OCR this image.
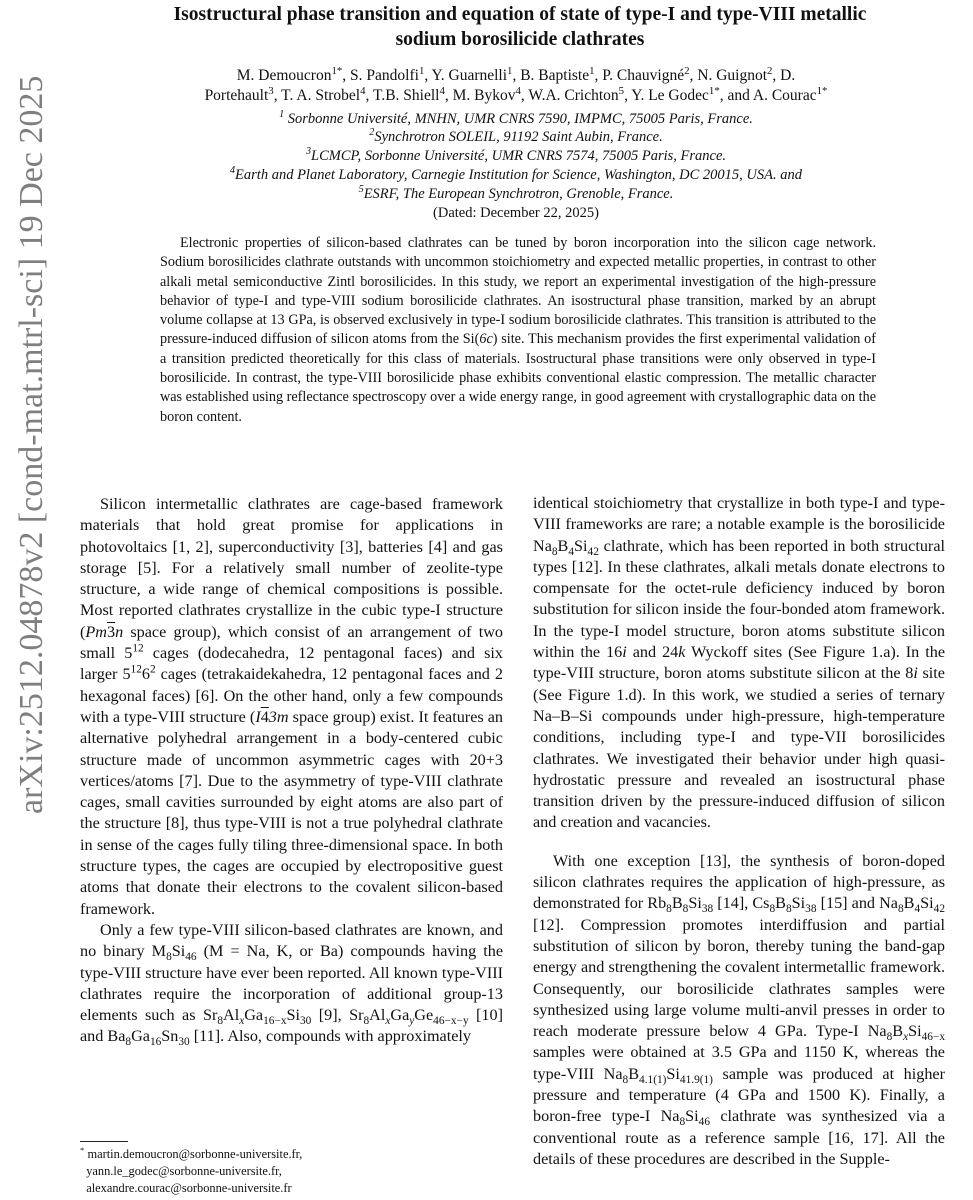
arXiv:2512.04878v2 [cond-mat.mtrl-sci] 19 Dec 2025
Isostructural phase transition and equation of state of type-I and type-VIII metallic
sodium borosilicide clathrates
M. Demoucron$^{1*}$, S. Pandolfi$^1$, Y. Guarnelli$^1$, B. Baptiste$^1$, P. Chauvigné$^2$, N. Guignot$^2$, D.
Portehault$^3$, T. A. Strobel$^4$, T.B. Shiell$^4$, M. Bykov$^4$, W.A. Crichton$^5$, Y. Le Godec$^{1*}$, and A. Courac$^{1*}$
$^1$ Sorbonne Université, MNHN, UMR CNRS 7590, IMPMC, 75005 Paris, France.
$^2$Synchrotron SOLEIL, 91192 Saint Aubin, France.
$^3$LCMCP, Sorbonne Université, UMR CNRS 7574, 75005 Paris, France.
$^4$Earth and Planet Laboratory, Carnegie Institution for Science, Washington, DC 20015, USA. and
$^5$ESRF, The European Synchrotron, Grenoble, France.
(Dated: December 22, 2025)
Electronic properties of silicon-based clathrates can be tuned by boron incorporation into the silicon cage network. Sodium borosilicides clathrate outstands with uncommon stoichiometry and expected metallic properties, in contrast to other alkali metal semiconductive Zintl borosilicides. In this study, we report an experimental investigation of the high-pressure behavior of type-I and type-VIII sodium borosilicide clathrates. An isostructural phase transition, marked by an abrupt volume collapse at 13 GPa, is observed exclusively in type-I sodium borosilicide clathrates. This transition is attributed to the pressure-induced diffusion of silicon atoms from the Si(6c) site. This mechanism provides the first experimental validation of a transition predicted theoretically for this class of materials. Isostructural phase transitions were only observed in type-I borosilicide. In contrast, the type-VIII borosilicide phase exhibits conventional elastic compression. The metallic character was established using reflectance spectroscopy over a wide energy range, in good agreement with crystallographic data on the boron content.

Silicon intermetallic clathrates are cage-based framework materials that hold great promise for applications in photovoltaics [1, 2], superconductivity [3], batteries [4] and gas storage [5]. For a relatively small number of zeolite-type structure, a wide range of chemical compositions is possible. Most reported clathrates crystallize in the cubic type-I structure (Pm3n space group), which consist of an arrangement of two small $5^{12}$ cages (dodecahedra, 12 pentagonal faces) and six larger $5^{12}6^2$ cages (tetrakaidekahedra, 12 pentagonal faces and 2 hexagonal faces) [6]. On the other hand, only a few compounds with a type-VIII structure (I43m space group) exist. It features an alternative polyhedral arrangement in a body-centered cubic structure made of uncommon asymmetric cages with 20+3 vertices/atoms [7]. Due to the asymmetry of type-VIII clathrate cages, small cavities surrounded by eight atoms are also part of the structure [8], thus type-VIII is not a true polyhedral clathrate in sense of the cages fully tiling three-dimensional space. In both structure types, the cages are occupied by electropositive guest atoms that donate their electrons to the covalent silicon-based framework.

Only a few type-VIII silicon-based clathrates are known, and no binary $M_8Si_{46}$ (M = Na, K, or Ba) compounds having the type-VIII structure have ever been reported. All known type-VIII clathrates require the incorporation of additional group-13 elements such as $Sr_8Al_xGa_{16-x}Si_{30}$ [9], $Sr_8Al_xGa_yGe_{46-x-y}$ [10] and $Ba_8Ga_{16}Sn_{30}$ [11]. Also, compounds with approximately

* martin.demoucron@sorbonne-universite.fr,
yann.le_godec@sorbonne-universite.fr,
alexandre.courac@sorbonne-universite.fr

identical stoichiometry that crystallize in both type-I and type-VIII frameworks are rare; a notable example is the borosilicide $Na_8B_4Si_{42}$ clathrate, which has been reported in both structural types [12]. In these clathrates, alkali metals donate electrons to compensate for the octet-rule deficiency induced by boron substitution for silicon inside the four-bonded atom framework. In the type-I model structure, boron atoms substitute silicon within the 16i and 24k Wyckoff sites (See Figure 1.a). In the type-VIII structure, boron atoms substitute silicon at the 8i site (See Figure 1.d). In this work, we studied a series of ternary Na–B–Si compounds under high-pressure, high-temperature conditions, including type-I and type-VII borosilicides clathrates. We investigated their behavior under high quasi-hydrostatic pressure and revealed an isostructural phase transition driven by the pressure-induced diffusion of silicon and creation and vacancies.

With one exception [13], the synthesis of boron-doped silicon clathrates requires the application of high-pressure, as demonstrated for $Rb_8B_8Si_{38}$ [14], $Cs_8B_8Si_{38}$ [15] and $Na_8B_4Si_{42}$ [12]. Compression promotes interdiffusion and partial substitution of silicon by boron, thereby tuning the band-gap energy and strengthening the covalent intermetallic framework. Consequently, our borosilicide clathrates samples were synthesized using large volume multi-anvil presses in order to reach moderate pressure below 4 GPa. Type-I $Na_8B_xSi_{46-x}$ samples were obtained at 3.5 GPa and 1150 K, whereas the type-VIII $Na_8B_{4.1(1)}Si_{41.9(1)}$ sample was produced at higher pressure and temperature (4 GPa and 1500 K). Finally, a boron-free type-I $Na_8Si_{46}$ clathrate was synthesized via a conventional route as a reference sample [16, 17]. All the details of these procedures are described in the Supple-
